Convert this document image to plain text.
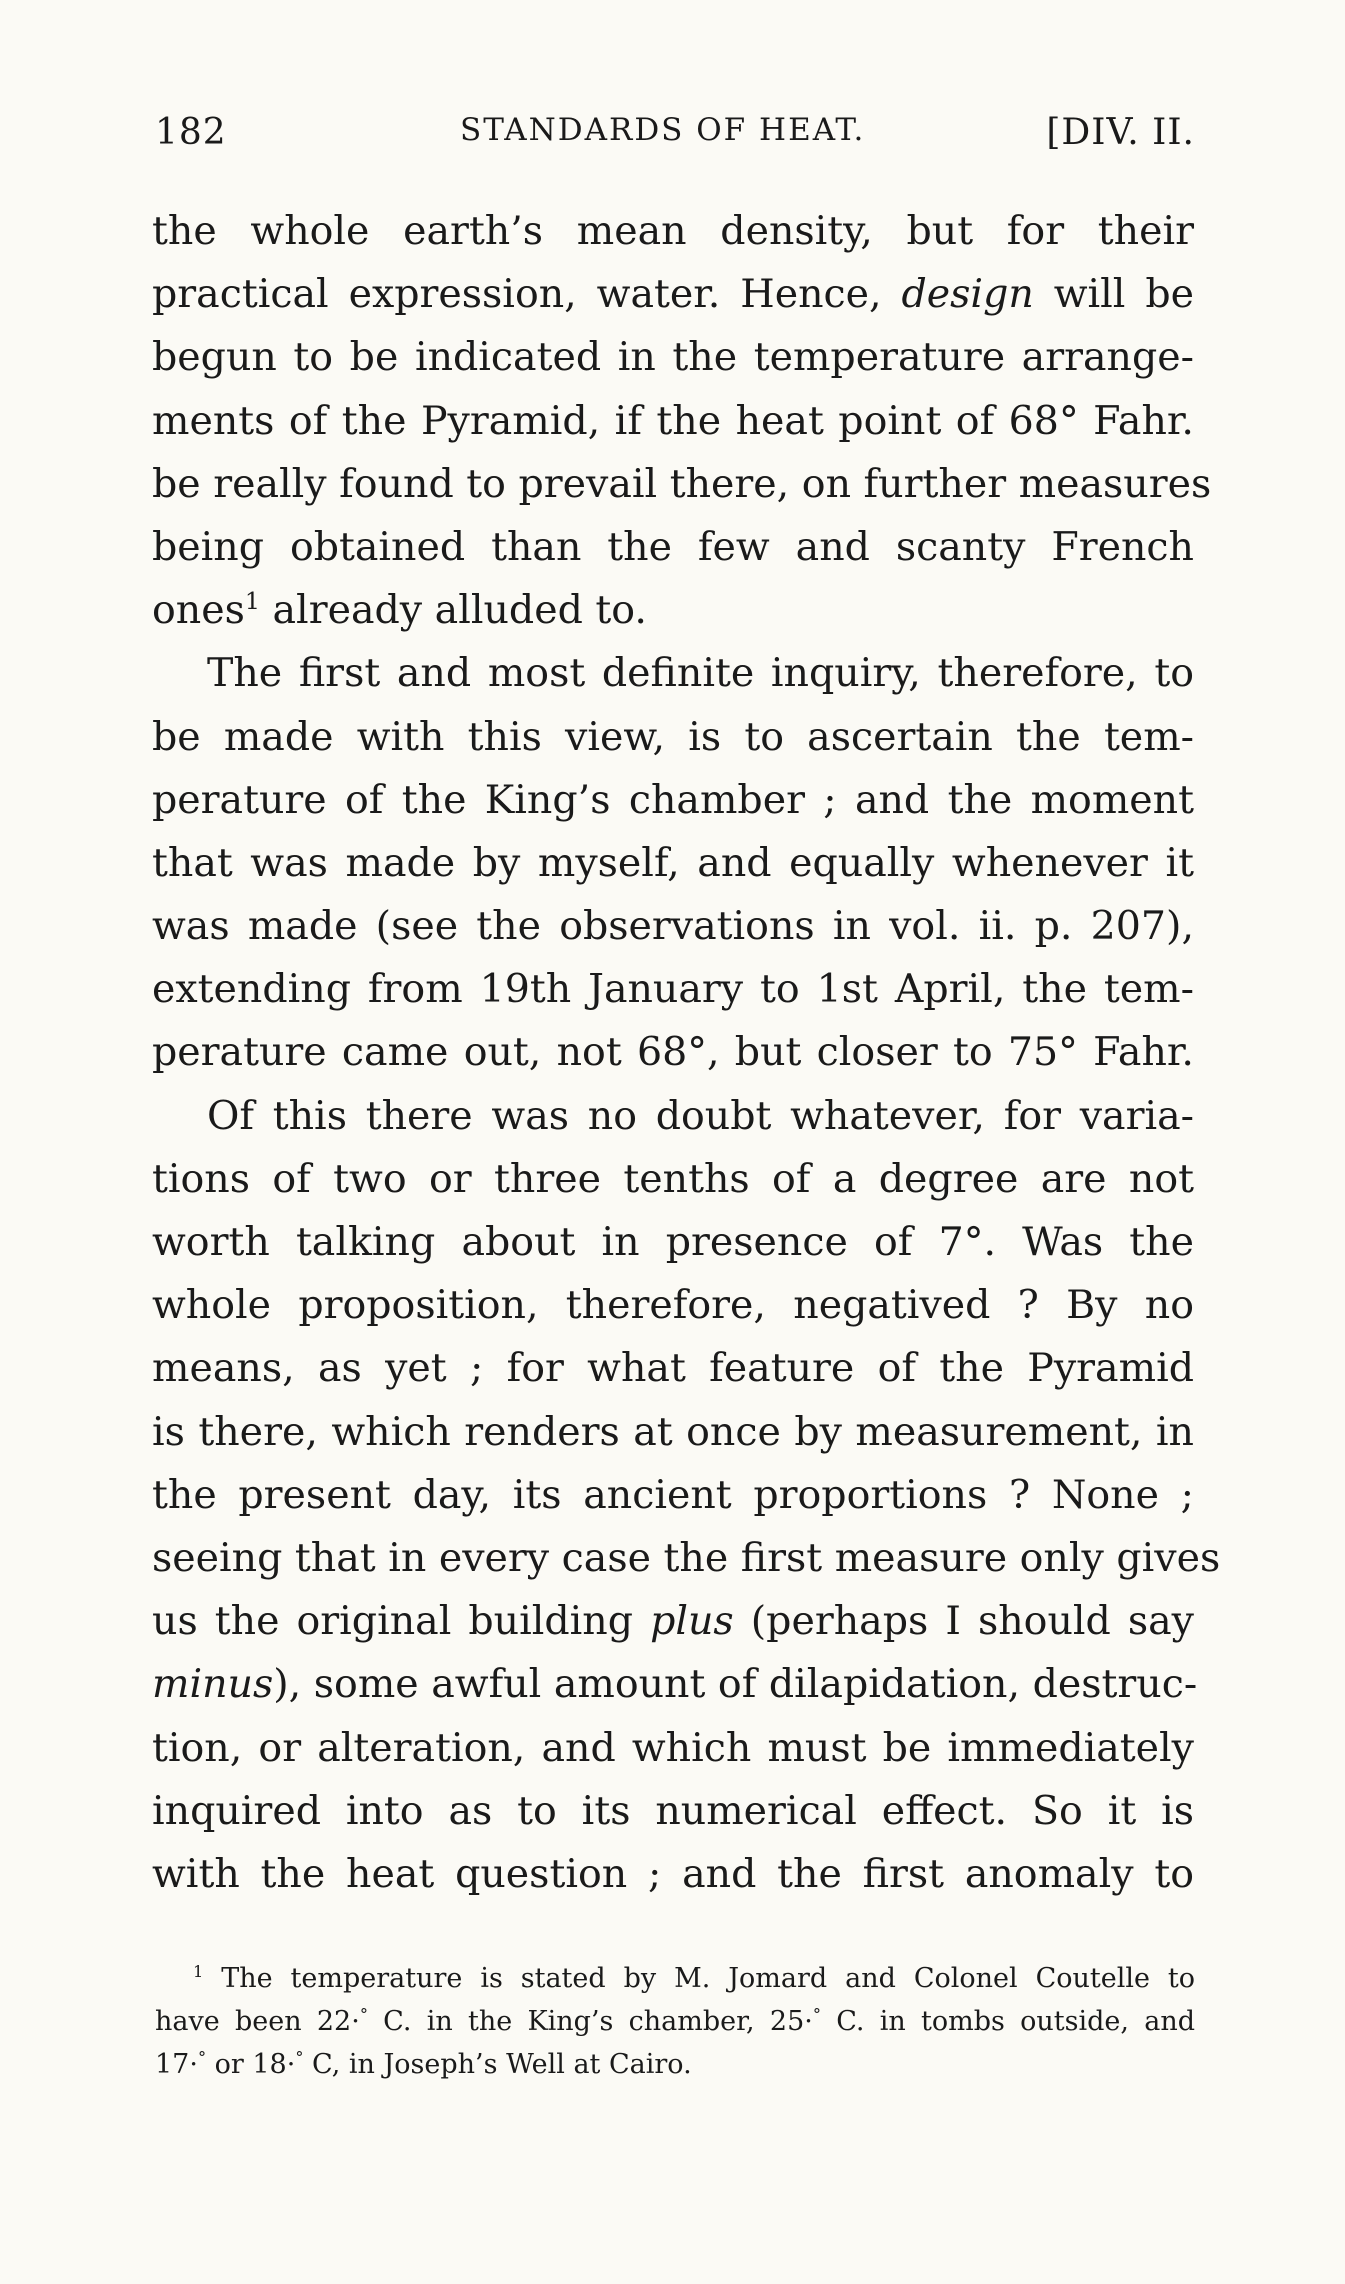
182	STANDARDS OF HEAT.	[DIV. II.
the whole earth’s mean density, but for their
practical expression, water. Hence, design will be
begun to be indicated in the temperature arrange-
ments of the Pyramid, if the heat point of 68° Fahr.
be really found to prevail there, on further measures
being obtained than the few and scanty French
ones$^1$ already alluded to.
The first and most definite inquiry, therefore, to
be made with this view, is to ascertain the tem-
perature of the King’s chamber ; and the moment
that was made by myself, and equally whenever it
was made (see the observations in vol. ii. p. 207),
extending from 19th January to 1st April, the tem-
perature came out, not 68°, but closer to 75° Fahr.
Of this there was no doubt whatever, for varia-
tions of two or three tenths of a degree are not
worth talking about in presence of 7°. Was the
whole proposition, therefore, negatived ? By no
means, as yet ; for what feature of the Pyramid
is there, which renders at once by measurement, in
the present day, its ancient proportions ? None ;
seeing that in every case the first measure only gives
us the original building plus (perhaps I should say
minus), some awful amount of dilapidation, destruc-
tion, or alteration, and which must be immediately
inquired into as to its numerical effect. So it is
with the heat question ; and the first anomaly to
$^1$ The temperature is stated by M. Jomard and Colonel Coutelle to
have been 22·° C. in the King’s chamber, 25·° C. in tombs outside, and
17·° or 18·° C, in Joseph’s Well at Cairo.
